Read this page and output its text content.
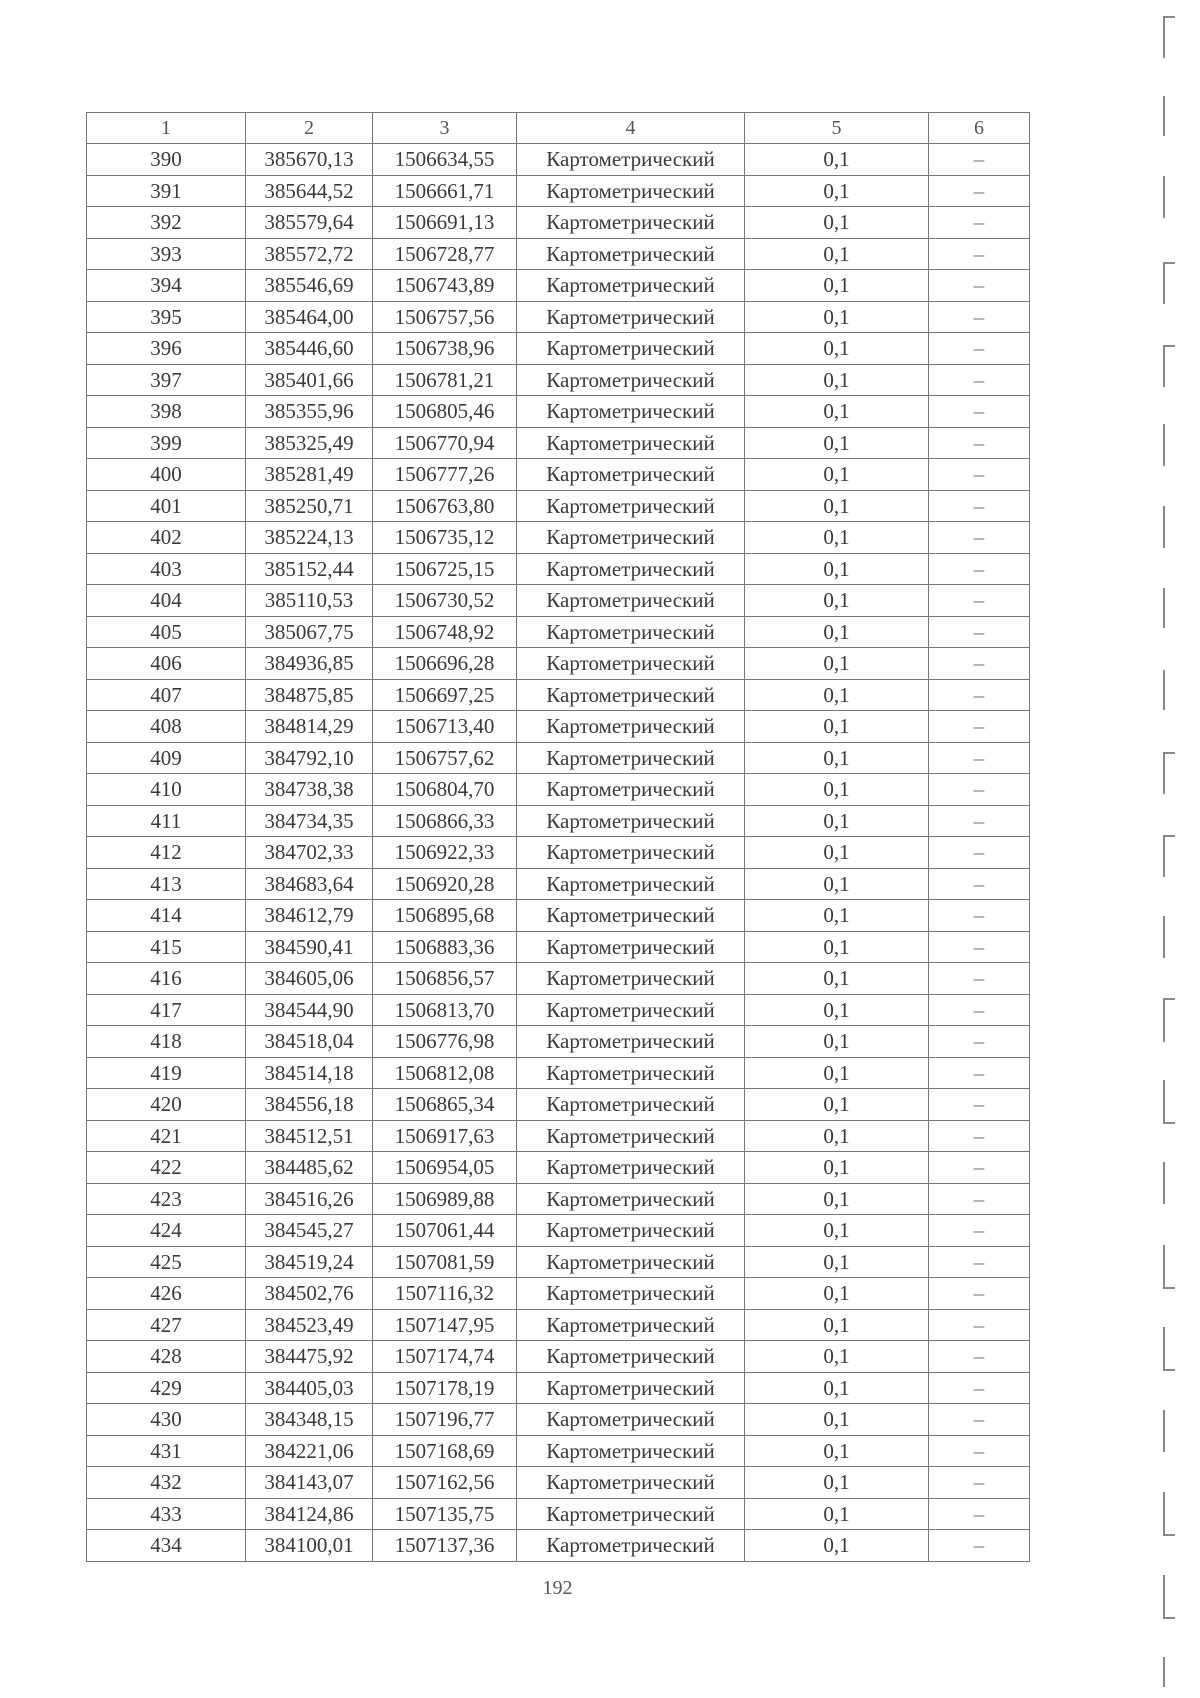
1	2	3	4	5	6
390	385670,13	1506634,55	Картометрический	0,1	–
391	385644,52	1506661,71	Картометрический	0,1	–
392	385579,64	1506691,13	Картометрический	0,1	–
393	385572,72	1506728,77	Картометрический	0,1	–
394	385546,69	1506743,89	Картометрический	0,1	–
395	385464,00	1506757,56	Картометрический	0,1	–
396	385446,60	1506738,96	Картометрический	0,1	–
397	385401,66	1506781,21	Картометрический	0,1	–
398	385355,96	1506805,46	Картометрический	0,1	–
399	385325,49	1506770,94	Картометрический	0,1	–
400	385281,49	1506777,26	Картометрический	0,1	–
401	385250,71	1506763,80	Картометрический	0,1	–
402	385224,13	1506735,12	Картометрический	0,1	–
403	385152,44	1506725,15	Картометрический	0,1	–
404	385110,53	1506730,52	Картометрический	0,1	–
405	385067,75	1506748,92	Картометрический	0,1	–
406	384936,85	1506696,28	Картометрический	0,1	–
407	384875,85	1506697,25	Картометрический	0,1	–
408	384814,29	1506713,40	Картометрический	0,1	–
409	384792,10	1506757,62	Картометрический	0,1	–
410	384738,38	1506804,70	Картометрический	0,1	–
411	384734,35	1506866,33	Картометрический	0,1	–
412	384702,33	1506922,33	Картометрический	0,1	–
413	384683,64	1506920,28	Картометрический	0,1	–
414	384612,79	1506895,68	Картометрический	0,1	–
415	384590,41	1506883,36	Картометрический	0,1	–
416	384605,06	1506856,57	Картометрический	0,1	–
417	384544,90	1506813,70	Картометрический	0,1	–
418	384518,04	1506776,98	Картометрический	0,1	–
419	384514,18	1506812,08	Картометрический	0,1	–
420	384556,18	1506865,34	Картометрический	0,1	–
421	384512,51	1506917,63	Картометрический	0,1	–
422	384485,62	1506954,05	Картометрический	0,1	–
423	384516,26	1506989,88	Картометрический	0,1	–
424	384545,27	1507061,44	Картометрический	0,1	–
425	384519,24	1507081,59	Картометрический	0,1	–
426	384502,76	1507116,32	Картометрический	0,1	–
427	384523,49	1507147,95	Картометрический	0,1	–
428	384475,92	1507174,74	Картометрический	0,1	–
429	384405,03	1507178,19	Картометрический	0,1	–
430	384348,15	1507196,77	Картометрический	0,1	–
431	384221,06	1507168,69	Картометрический	0,1	–
432	384143,07	1507162,56	Картометрический	0,1	–
433	384124,86	1507135,75	Картометрический	0,1	–
434	384100,01	1507137,36	Картометрический	0,1	–
192
